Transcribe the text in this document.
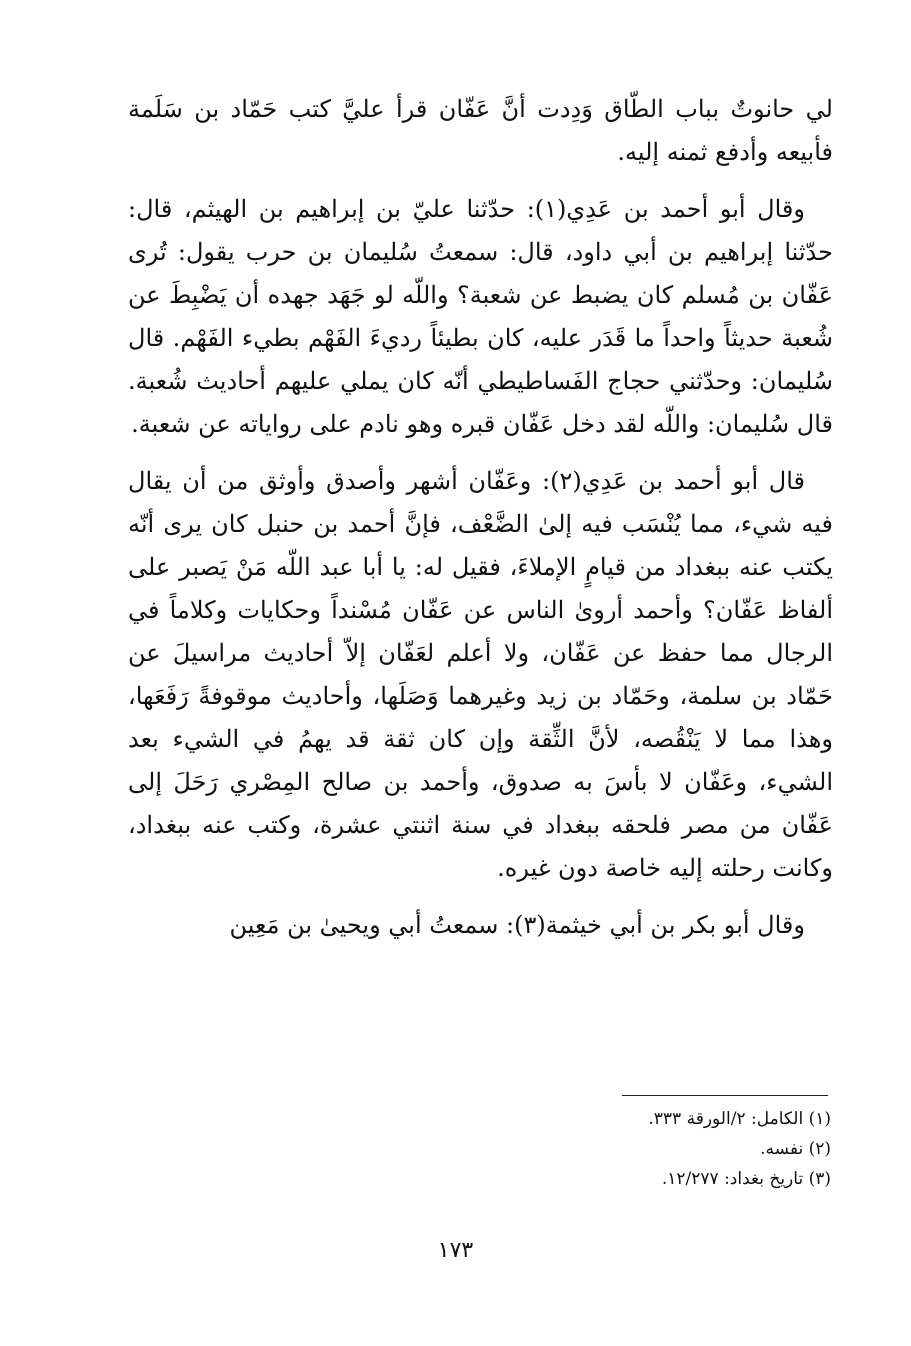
لي حانوتٌ بباب الطّاق وَدِدت أنَّ عَفّان قرأ عليَّ كتب حَمّاد بن سَلَمة فأبيعه وأدفع ثمنه إليه.

وقال أبو أحمد بن عَدِي(١): حدّثنا عليّ بن إبراهيم بن الهيثم، قال: حدّثنا إبراهيم بن أبي داود، قال: سمعتُ سُليمان بن حرب يقول: تُرى عَفّان بن مُسلم كان يضبط عن شعبة؟ واللّه لو جَهَد جهده أن يَضْبِطَ عن شُعبة حديثاً واحداً ما قَدَر عليه، كان بطيئاً رديءَ الفَهْم بطيء الفَهْم. قال سُليمان: وحدّثني حجاج الفَساطيطي أنّه كان يملي عليهم أحاديث شُعبة. قال سُليمان: واللّه لقد دخل عَفّان قبره وهو نادم على رواياته عن شعبة.

قال أبو أحمد بن عَدِي(٢): وعَفّان أشهر وأصدق وأوثق من أن يقال فيه شيء، مما يُنْسَب فيه إلىٰ الضَّعْف، فإنَّ أحمد بن حنبل كان يرى أنّه يكتب عنه ببغداد من قيامٍ الإملاءَ، فقيل له: يا أبا عبد اللّه مَنْ يَصبر على ألفاظ عَفّان؟ وأحمد أروىٰ الناس عن عَفّان مُسْنداً وحكايات وكلاماً في الرجال مما حفظ عن عَفّان، ولا أعلم لعَفّان إلاّ أحاديث مراسيلَ عن حَمّاد بن سلمة، وحَمّاد بن زيد وغيرهما وَصَلَها، وأحاديث موقوفةً رَفَعَها، وهذا مما لا يَنْقُصه، لأنَّ الثِّقة وإن كان ثقة قد يهمُ في الشيء بعد الشيء، وعَفّان لا بأسَ به صدوق، وأحمد بن صالح المِصْري رَحَلَ إلى عَفّان من مصر فلحقه ببغداد في سنة اثنتي عشرة، وكتب عنه ببغداد، وكانت رحلته إليه خاصة دون غيره.

وقال أبو بكر بن أبي خيثمة(٣): سمعتُ أبي ويحيىٰ بن مَعِين

(١) الكامل: ٢/الورقة ٣٣٣.

(٢) نفسه.

(٣) تاريخ بغداد: ١٢/٢٧٧.

١٧٣
